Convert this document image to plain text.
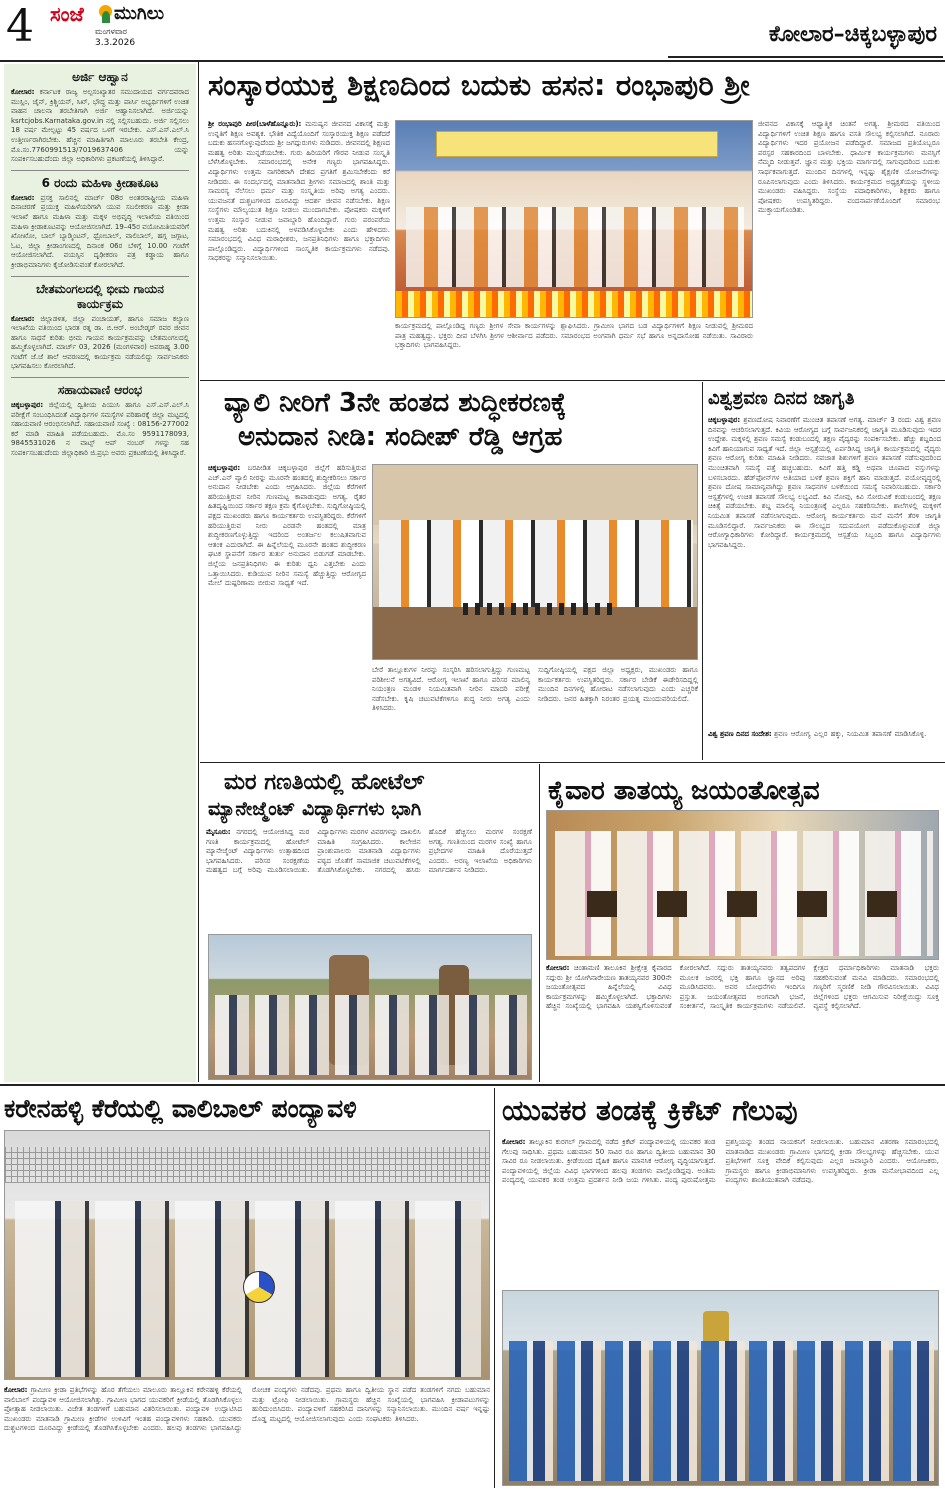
4 ಸಂಜೆ ಮುಗಿಲು
ಮಂಗಳವಾರ
3.3.2026	ಕೋಲಾರ–ಚಿಕ್ಕಬಳ್ಳಾಪುರ
ಅರ್ಜಿ ಆಹ್ವಾನ
ಕೋಲಾರ: ಕರ್ನಾಟಕ ರಾಜ್ಯ ಅಲ್ಪಸಂಖ್ಯಾತರ ಸಮುದಾಯದ ವರ್ಗದವರಾದ ಮುಸ್ಲಿಂ, ಜೈನ್, ಕ್ರಿಶ್ಚಿಯನ್, ಸಿಖ್, ಭೌದ್ಧ ಮತ್ತು ಪಾರ್ಸಿ ಅಭ್ಯರ್ಥಿಗಳಿಗೆ ಉಚಿತ ವಾಹನ ಚಾಲನಾ ತರಬೇತಿಗಾಗಿ ಅರ್ಜಿ ಆಹ್ವಾನಿಸಲಾಗಿದೆ. ಅರ್ಜಿಯನ್ನು ksrtcjobs.Karnataka.gov.in ನಲ್ಲಿ ಸಲ್ಲಿಸಬಹುದು. ಅರ್ಜಿ ಸಲ್ಲಿಸಲು 18 ವರ್ಷ ಮೇಲ್ಪಟ್ಟು 45 ವರ್ಷದ ಒಳಗೆ ಇರಬೇಕು. ಎಸ್.ಎಸ್.ಎಲ್.ಸಿ ಉತ್ತೀರ್ಣರಾಗಿರಬೇಕು. ಹೆಚ್ಚಿನ ಮಾಹಿತಿಗಾಗಿ ಮಾಲೂರು ತರಬೇತಿ ಕೇಂದ್ರ, ಮೊ.ಸಂ.7760991513/7019637406 ಯನ್ನು ಸಂಪರ್ಕಿಸಬಹುದೆಂದು ಜಿಲ್ಲಾ ಅಧಿಕಾರಿಗಳು ಪ್ರಕಟಣೆಯಲ್ಲಿ ತಿಳಿಸಿದ್ದಾರೆ.
6 ರಂದು ಮಹಿಳಾ ಕ್ರೀಡಾಕೂಟ
ಕೋಲಾರ: ಪ್ರಸಕ್ತ ಸಾಲಿನಲ್ಲಿ ಮಾರ್ಚ್ 08ರ ಅಂತರರಾಷ್ಟ್ರೀಯ ಮಹಿಳಾ ದಿನಾಚರಣೆ ಪ್ರಯುಕ್ತ ಮಹಿಳೆಯರಿಗಾಗಿ ಯುವ ಸಬಲೀಕರಣ ಮತ್ತು ಕ್ರೀಡಾ ಇಲಾಖೆ ಹಾಗೂ ಮಹಿಳಾ ಮತ್ತು ಮಕ್ಕಳ ಅಭಿವೃದ್ಧಿ ಇಲಾಖೆಯ ವತಿಯಿಂದ ಮಹಿಳಾ ಕ್ರೀಡಾಕೂಟವನ್ನು ಆಯೋಜಿಸಲಾಗಿದೆ. 19–45ರ ವಯೋಮಿತಿಯವರಿಗೆ ಖೋಖೋ, ಬಾಲ್ ಬ್ಯಾಡ್ಮಿಂಟನ್, ಥ್ರೋಬಾಲ್, ವಾಲಿಬಾಲ್, ಹಗ್ಗ ಜಗ್ಗಾಟ, ಓಟ, ಜಿಲ್ಲಾ ಕ್ರೀಡಾಂಗಣದಲ್ಲಿ ದಿನಾಂಕ 06ರ ಬೆಳಿಗ್ಗೆ 10.00 ಗಂಟೆಗೆ ಆಯೋಜಿಸಲಾಗಿದೆ. ವಯಸ್ಸಿನ ದೃಢೀಕರಣ ಪತ್ರ ಕಡ್ಡಾಯ ಹಾಗೂ ಕ್ರೀಡಾಭಿಮಾನಿಗಳು ಕೈಜೋಡಿಸುವಂತೆ ಕೋರಲಾಗಿದೆ.
ಬೇತಮಂಗಲದಲ್ಲಿ ಭೀಮ ಗಾಯನ ಕಾರ್ಯಕ್ರಮ
ಕೋಲಾರ: ಜಿಲ್ಲಾಡಳಿತ, ಜಿಲ್ಲಾ ಪಂಚಾಯತ್, ಹಾಗೂ ಸಮಾಜ ಕಲ್ಯಾಣ ಇಲಾಖೆಯ ವತಿಯಿಂದ ಭಾರತ ರತ್ನ ಡಾ. ಬಿ.ಆರ್. ಅಂಬೇಡ್ಕರ್ ರವರ ಜೀವನ ಹಾಗೂ ಸಾಧನೆ ಕುರಿತು ಭೀಮ ಗಾಯನ ಕಾರ್ಯಕ್ರಮವನ್ನು ಬೇತಮಂಗಲದಲ್ಲಿ ಹಮ್ಮಿಕೊಳ್ಳಲಾಗಿದೆ. ಮಾರ್ಚ್ 03, 2026 (ಮಂಗಳವಾರ) ಅಪರಾಹ್ನ 3.00 ಗಂಟೆಗೆ ಜೆ.ಜೆ ಶಾಲೆ ಆವರಣದಲ್ಲಿ ಕಾರ್ಯಕ್ರಮ ನಡೆಯಲಿದ್ದು ಸಾರ್ವಜನಿಕರು ಭಾಗವಹಿಸಲು ಕೋರಲಾಗಿದೆ.
ಸಹಾಯವಾಣಿ ಆರಂಭ
ಚಿಕ್ಕಬಳ್ಳಾಪುರ: ಜಿಲ್ಲೆಯಲ್ಲಿ ದ್ವಿತೀಯ ಪಿಯುಸಿ ಹಾಗೂ ಎಸ್.ಎಸ್.ಎಲ್.ಸಿ ಪರೀಕ್ಷೆಗೆ ಸಂಬಂಧಿಸಿದಂತೆ ವಿದ್ಯಾರ್ಥಿಗಳ ಸಮಸ್ಯೆಗಳ ಪರಿಹಾರಕ್ಕೆ ಜಿಲ್ಲಾ ಮಟ್ಟದಲ್ಲಿ ಸಹಾಯವಾಣಿ ಆರಂಭಿಸಲಾಗಿದೆ. ಸಹಾಯವಾಣಿ ಸಂಖ್ಯೆ : 08156-277002 ಕರೆ ಮಾಡಿ ಮಾಹಿತಿ ಪಡೆಯಬಹುದು. ಮೊ.ಸಂ 9591178093, 9845531026 ನ ವಾಟ್ಸ್ ಆಪ್ ನಂಬರ್ ಗಳನ್ನು ಸಹ ಸಂಪರ್ಕಿಸಬಹುದೆಂದು ಜಿಲ್ಲಾಧಿಕಾರಿ ಜಿ.ಪ್ರಭು ಅವರು ಪ್ರಕಟಣೆಯಲ್ಲಿ ತಿಳಿಸಿದ್ದಾರೆ.
ಸಂಸ್ಕಾರಯುಕ್ತ ಶಿಕ್ಷಣದಿಂದ ಬದುಕು ಹಸನ: ರಂಭಾಪುರಿ ಶ್ರೀ
ಶ್ರೀ ರಂಭಾಪುರಿ ಪೀಠ(ಬಾಳೆಹೊನ್ನೂರು): ಮನುಷ್ಯನ ಜೀವನದ ವಿಕಾಸಕ್ಕೆ ಮತ್ತು ಉನ್ನತಿಗೆ ಶಿಕ್ಷಣ ಅವಶ್ಯಕ. ಭೌತಿಕ ವಿದ್ಯೆಯೊಂದಿಗೆ ಸಂಸ್ಕಾರಯುಕ್ತ ಶಿಕ್ಷಣ ಪಡೆದರೆ ಬದುಕು ಹಸನಗೊಳ್ಳುವುದೆಂದು ಶ್ರೀ ಜಗದ್ಗುರುಗಳು ನುಡಿದರು. ಜೀವನದಲ್ಲಿ ಶಿಕ್ಷಣದ ಮಹತ್ವ ಅರಿತು ಮುನ್ನಡೆಯಬೇಕು. ಗುರು ಹಿರಿಯರಿಗೆ ಗೌರವ ನೀಡುವ ಸಂಸ್ಕೃತಿ ಬೆಳೆಸಿಕೊಳ್ಳಬೇಕು. ಸಮಾರಂಭದಲ್ಲಿ ಅನೇಕ ಗಣ್ಯರು ಭಾಗವಹಿಸಿದ್ದರು. ವಿದ್ಯಾರ್ಥಿಗಳು ಉತ್ತಮ ನಾಗರಿಕರಾಗಿ ದೇಶದ ಪ್ರಗತಿಗೆ ಶ್ರಮಿಸಬೇಕೆಂದು ಕರೆ ನೀಡಿದರು. ಈ ಸಂದರ್ಭದಲ್ಲಿ ಮಾತನಾಡಿದ ಶ್ರೀಗಳು ಸಮಾಜದಲ್ಲಿ ಶಾಂತಿ ಮತ್ತು ಸಾಮರಸ್ಯ ನೆಲೆಸಲು ಧರ್ಮ ಮತ್ತು ಸಂಸ್ಕೃತಿಯ ಅರಿವು ಅಗತ್ಯ ಎಂದರು. ಯುವಜನತೆ ದುಶ್ಚಟಗಳಿಂದ ದೂರವಿದ್ದು ಆದರ್ಶ ಜೀವನ ನಡೆಸಬೇಕು. ಶಿಕ್ಷಣ ಸಂಸ್ಥೆಗಳು ಮೌಲ್ಯಯುತ ಶಿಕ್ಷಣ ನೀಡಲು ಮುಂದಾಗಬೇಕು. ಪೋಷಕರು ಮಕ್ಕಳಿಗೆ ಉತ್ತಮ ಸಂಸ್ಕಾರ ನೀಡುವ ಜವಾಬ್ದಾರಿ ಹೊಂದಿದ್ದಾರೆ. ಗುರು ಪರಂಪರೆಯ ಮಹತ್ವ ಅರಿತು ಬದುಕಿನಲ್ಲಿ ಅಳವಡಿಸಿಕೊಳ್ಳಬೇಕು ಎಂದು ಹೇಳಿದರು. ಸಮಾರಂಭದಲ್ಲಿ ವಿವಿಧ ಮಠಾಧೀಶರು, ಜನಪ್ರತಿನಿಧಿಗಳು ಹಾಗೂ ಭಕ್ತಾದಿಗಳು ಪಾಲ್ಗೊಂಡಿದ್ದರು. ವಿದ್ಯಾರ್ಥಿಗಳಿಂದ ಸಾಂಸ್ಕೃತಿಕ ಕಾರ್ಯಕ್ರಮಗಳು ನಡೆದವು. ಸಾಧಕರನ್ನು ಸನ್ಮಾನಿಸಲಾಯಿತು.
ಜೀವನದ ವಿಕಾಸಕ್ಕೆ ಆಧ್ಯಾತ್ಮಿಕ ಚಿಂತನೆ ಅಗತ್ಯ. ಶ್ರೀಮಠದ ವತಿಯಿಂದ ವಿದ್ಯಾರ್ಥಿಗಳಿಗೆ ಉಚಿತ ಶಿಕ್ಷಣ ಹಾಗೂ ವಸತಿ ಸೌಲಭ್ಯ ಕಲ್ಪಿಸಲಾಗಿದೆ. ನೂರಾರು ವಿದ್ಯಾರ್ಥಿಗಳು ಇದರ ಪ್ರಯೋಜನ ಪಡೆದಿದ್ದಾರೆ. ಸಮಾಜದ ಪ್ರತಿಯೊಬ್ಬರೂ ಪರಸ್ಪರ ಸಹಕಾರದಿಂದ ಬಾಳಬೇಕು. ಧಾರ್ಮಿಕ ಕಾರ್ಯಕ್ರಮಗಳು ಮನಸ್ಸಿಗೆ ನೆಮ್ಮದಿ ನೀಡುತ್ತವೆ. ಜ್ಞಾನ ಮತ್ತು ಭಕ್ತಿಯ ಮಾರ್ಗದಲ್ಲಿ ಸಾಗುವುದರಿಂದ ಬದುಕು ಸಾರ್ಥಕವಾಗುತ್ತದೆ. ಮುಂದಿನ ದಿನಗಳಲ್ಲಿ ಇನ್ನಷ್ಟು ಶೈಕ್ಷಣಿಕ ಯೋಜನೆಗಳನ್ನು ರೂಪಿಸಲಾಗುವುದು ಎಂದು ತಿಳಿಸಿದರು. ಕಾರ್ಯಕ್ರಮದ ಅಧ್ಯಕ್ಷತೆಯನ್ನು ಸ್ಥಳೀಯ ಮುಖಂಡರು ವಹಿಸಿದ್ದರು. ಸಂಸ್ಥೆಯ ಪದಾಧಿಕಾರಿಗಳು, ಶಿಕ್ಷಕರು ಹಾಗೂ ಪೋಷಕರು ಉಪಸ್ಥಿತರಿದ್ದರು. ವಂದನಾರ್ಪಣೆಯೊಂದಿಗೆ ಸಮಾರಂಭ ಮುಕ್ತಾಯಗೊಂಡಿತು.
ಕಾರ್ಯಕ್ರಮದಲ್ಲಿ ಪಾಲ್ಗೊಂಡಿದ್ದ ಗಣ್ಯರು ಶ್ರೀಗಳ ಸೇವಾ ಕಾರ್ಯಗಳನ್ನು ಶ್ಲಾಘಿಸಿದರು. ಗ್ರಾಮೀಣ ಭಾಗದ ಬಡ ವಿದ್ಯಾರ್ಥಿಗಳಿಗೆ ಶಿಕ್ಷಣ ನೀಡುವಲ್ಲಿ ಶ್ರೀಮಠದ ಪಾತ್ರ ಮಹತ್ವದ್ದು. ಭಕ್ತರು ದೀಪ ಬೆಳಗಿಸಿ ಶ್ರೀಗಳ ಆಶೀರ್ವಾದ ಪಡೆದರು. ಸಮಾರಂಭದ ಅಂಗವಾಗಿ ಧರ್ಮ ಸಭೆ ಹಾಗೂ ಅನ್ನದಾಸೋಹ ನಡೆಯಿತು. ಸಾವಿರಾರು ಭಕ್ತಾದಿಗಳು ಭಾಗವಹಿಸಿದ್ದರು.
ವ್ಯಾಲಿ ನೀರಿಗೆ 3ನೇ ಹಂತದ ಶುದ್ಧೀಕರಣಕ್ಕೆ
ಅನುದಾನ ನೀಡಿ: ಸಂದೀಪ್ ರೆಡ್ಡಿ ಆಗ್ರಹ
ಚಿಕ್ಕಬಳ್ಳಾಪುರ: ಬರಪೀಡಿತ ಚಿಕ್ಕಬಳ್ಳಾಪುರ ಜಿಲ್ಲೆಗೆ ಹರಿಸುತ್ತಿರುವ ಎಚ್.ಎನ್ ವ್ಯಾಲಿ ನೀರನ್ನು ಮೂರನೇ ಹಂತದಲ್ಲಿ ಶುದ್ಧೀಕರಿಸಲು ಸರ್ಕಾರ ಅನುದಾನ ನೀಡಬೇಕು ಎಂದು ಆಗ್ರಹಿಸಿದರು. ಜಿಲ್ಲೆಯ ಕೆರೆಗಳಿಗೆ ಹರಿಯುತ್ತಿರುವ ನೀರಿನ ಗುಣಮಟ್ಟ ಕಾಪಾಡುವುದು ಅಗತ್ಯ. ರೈತರ ಹಿತದೃಷ್ಟಿಯಿಂದ ಸರ್ಕಾರ ತಕ್ಷಣ ಕ್ರಮ ಕೈಗೊಳ್ಳಬೇಕು. ಸುದ್ದಿಗೋಷ್ಠಿಯಲ್ಲಿ ಪಕ್ಷದ ಮುಖಂಡರು ಹಾಗೂ ಕಾರ್ಯಕರ್ತರು ಉಪಸ್ಥಿತರಿದ್ದರು. ಕೆರೆಗಳಿಗೆ ಹರಿಯುತ್ತಿರುವ ನೀರು ಎರಡನೇ ಹಂತದಲ್ಲಿ ಮಾತ್ರ ಶುದ್ಧೀಕರಣಗೊಳ್ಳುತ್ತಿದ್ದು ಇದರಿಂದ ಅಂತರ್ಜಲ ಕಲುಷಿತವಾಗುವ ಆತಂಕ ಎದುರಾಗಿದೆ. ಈ ಹಿನ್ನೆಲೆಯಲ್ಲಿ ಮೂರನೇ ಹಂತದ ಶುದ್ಧೀಕರಣ ಘಟಕ ಸ್ಥಾಪನೆಗೆ ಸರ್ಕಾರ ತುರ್ತು ಅನುದಾನ ಬಿಡುಗಡೆ ಮಾಡಬೇಕು. ಜಿಲ್ಲೆಯ ಜನಪ್ರತಿನಿಧಿಗಳು ಈ ಕುರಿತು ಧ್ವನಿ ಎತ್ತಬೇಕು ಎಂದು ಒತ್ತಾಯಿಸಿದರು. ಕುಡಿಯುವ ನೀರಿನ ಸಮಸ್ಯೆ ಹೆಚ್ಚುತ್ತಿದ್ದು ಆರೋಗ್ಯದ ಮೇಲೆ ದುಷ್ಪರಿಣಾಮ ಬೀರುವ ಸಾಧ್ಯತೆ ಇದೆ.
ಬೇರೆ ತಾಲ್ಲೂಕುಗಳ ನೀರನ್ನು ಸಂಸ್ಕರಿಸಿ ಹರಿಸಲಾಗುತ್ತಿದ್ದು ಗುಣಮಟ್ಟ ಪರಿಶೀಲನೆ ಅಗತ್ಯವಿದೆ. ಆರೋಗ್ಯ ಇಲಾಖೆ ಹಾಗೂ ಪರಿಸರ ಮಾಲಿನ್ಯ ನಿಯಂತ್ರಣ ಮಂಡಳಿ ನಿಯಮಿತವಾಗಿ ನೀರಿನ ಮಾದರಿ ಪರೀಕ್ಷೆ ನಡೆಸಬೇಕು. ಕೃಷಿ ಚಟುವಟಿಕೆಗಳಿಗೂ ಶುದ್ಧ ನೀರು ಅಗತ್ಯ ಎಂದು ತಿಳಿಸಿದರು.
ಸುದ್ದಿಗೋಷ್ಠಿಯಲ್ಲಿ ಪಕ್ಷದ ಜಿಲ್ಲಾ ಅಧ್ಯಕ್ಷರು, ಮುಖಂಡರು ಹಾಗೂ ಕಾರ್ಯಕರ್ತರು ಉಪಸ್ಥಿತರಿದ್ದರು. ಸರ್ಕಾರ ಬೇಡಿಕೆ ಈಡೇರಿಸದಿದ್ದಲ್ಲಿ ಮುಂದಿನ ದಿನಗಳಲ್ಲಿ ಹೋರಾಟ ನಡೆಸಲಾಗುವುದು ಎಂದು ಎಚ್ಚರಿಕೆ ನೀಡಿದರು. ಜನರ ಹಿತಕ್ಕಾಗಿ ನಿರಂತರ ಪ್ರಯತ್ನ ಮುಂದುವರಿಯಲಿದೆ.
ವಿಶ್ವಶ್ರವಣ ದಿನದ ಜಾಗೃತಿ
ಚಿಕ್ಕಬಳ್ಳಾಪುರ: ಶ್ರವಣದೋಷ ನಿವಾರಣೆಗೆ ಮುಂಚಿತ ತಪಾಸಣೆ ಅಗತ್ಯ. ಮಾರ್ಚ್ 3 ರಂದು ವಿಶ್ವ ಶ್ರವಣ ದಿನವನ್ನು ಆಚರಿಸಲಾಗುತ್ತದೆ. ಕಿವಿಯ ಆರೋಗ್ಯದ ಬಗ್ಗೆ ಸಾರ್ವಜನಿಕರಲ್ಲಿ ಜಾಗೃತಿ ಮೂಡಿಸುವುದು ಇದರ ಉದ್ದೇಶ. ಮಕ್ಕಳಲ್ಲಿ ಶ್ರವಣ ಸಮಸ್ಯೆ ಕಂಡುಬಂದಲ್ಲಿ ತಕ್ಷಣ ವೈದ್ಯರನ್ನು ಸಂಪರ್ಕಿಸಬೇಕು. ಹೆಚ್ಚು ಶಬ್ದದಿಂದ ಕಿವಿಗೆ ಹಾನಿಯಾಗುವ ಸಾಧ್ಯತೆ ಇದೆ. ಜಿಲ್ಲಾ ಆಸ್ಪತ್ರೆಯಲ್ಲಿ ಏರ್ಪಡಿಸಿದ್ದ ಜಾಗೃತಿ ಕಾರ್ಯಕ್ರಮದಲ್ಲಿ ವೈದ್ಯರು ಶ್ರವಣ ಆರೋಗ್ಯ ಕುರಿತು ಮಾಹಿತಿ ನೀಡಿದರು. ನವಜಾತ ಶಿಶುಗಳಿಗೆ ಶ್ರವಣ ತಪಾಸಣೆ ನಡೆಸುವುದರಿಂದ ಮುಂಚಿತವಾಗಿ ಸಮಸ್ಯೆ ಪತ್ತೆ ಹಚ್ಚಬಹುದು. ಕಿವಿಗೆ ಹತ್ತಿ ಕಡ್ಡಿ ಅಥವಾ ಚೂಪಾದ ವಸ್ತುಗಳನ್ನು ಬಳಸಬಾರದು. ಹೆಡ್‌ಫೋನ್‌ಗಳ ಅತಿಯಾದ ಬಳಕೆ ಶ್ರವಣ ಶಕ್ತಿಗೆ ಹಾನಿ ಮಾಡುತ್ತದೆ. ವಯೋವೃದ್ಧರಲ್ಲಿ ಶ್ರವಣ ದೋಷ ಸಾಮಾನ್ಯವಾಗಿದ್ದು ಶ್ರವಣ ಸಾಧನಗಳ ಬಳಕೆಯಿಂದ ಸಮಸ್ಯೆ ನಿವಾರಿಸಬಹುದು. ಸರ್ಕಾರಿ ಆಸ್ಪತ್ರೆಗಳಲ್ಲಿ ಉಚಿತ ತಪಾಸಣೆ ಸೌಲಭ್ಯ ಲಭ್ಯವಿದೆ. ಕಿವಿ ನೋವು, ಕಿವಿ ಸೋರುವಿಕೆ ಕಂಡುಬಂದಲ್ಲಿ ತಕ್ಷಣ ಚಿಕಿತ್ಸೆ ಪಡೆಯಬೇಕು. ಶಬ್ದ ಮಾಲಿನ್ಯ ನಿಯಂತ್ರಣಕ್ಕೆ ಎಲ್ಲರೂ ಸಹಕರಿಸಬೇಕು. ಶಾಲೆಗಳಲ್ಲಿ ಮಕ್ಕಳಿಗೆ ನಿಯಮಿತ ತಪಾಸಣೆ ನಡೆಸಲಾಗುವುದು. ಆರೋಗ್ಯ ಕಾರ್ಯಕರ್ತರು ಮನೆ ಮನೆಗೆ ತೆರಳಿ ಜಾಗೃತಿ ಮೂಡಿಸಲಿದ್ದಾರೆ. ಸಾರ್ವಜನಿಕರು ಈ ಸೌಲಭ್ಯದ ಸದುಪಯೋಗ ಪಡೆದುಕೊಳ್ಳುವಂತೆ ಜಿಲ್ಲಾ ಆರೋಗ್ಯಾಧಿಕಾರಿಗಳು ಕೋರಿದ್ದಾರೆ. ಕಾರ್ಯಕ್ರಮದಲ್ಲಿ ಆಸ್ಪತ್ರೆಯ ಸಿಬ್ಬಂದಿ ಹಾಗೂ ವಿದ್ಯಾರ್ಥಿಗಳು ಭಾಗವಹಿಸಿದ್ದರು.
ವಿಶ್ವ ಶ್ರವಣ ದಿನದ ಸಂದೇಶ: ಶ್ರವಣ ಆರೋಗ್ಯ ಎಲ್ಲರ ಹಕ್ಕು, ನಿಯಮಿತ ತಪಾಸಣೆ ಮಾಡಿಸಿಕೊಳ್ಳಿ.
ಮರ ಗಣತಿಯಲ್ಲಿ ಹೋಟೆಲ್
ಮ್ಯಾನೇಜ್ಮೆಂಟ್ ವಿದ್ಯಾರ್ಥಿಗಳು ಭಾಗಿ
ಮೈಸೂರು: ನಗರದಲ್ಲಿ ಆಯೋಜಿಸಿದ್ದ ಮರ ಗಣತಿ ಕಾರ್ಯಕ್ರಮದಲ್ಲಿ ಹೋಟೆಲ್ ಮ್ಯಾನೇಜ್ಮೆಂಟ್ ವಿದ್ಯಾರ್ಥಿಗಳು ಉತ್ಸಾಹದಿಂದ ಭಾಗವಹಿಸಿದರು. ಪರಿಸರ ಸಂರಕ್ಷಣೆಯ ಮಹತ್ವದ ಬಗ್ಗೆ ಅರಿವು ಮೂಡಿಸಲಾಯಿತು. ವಿದ್ಯಾರ್ಥಿಗಳು ಮರಗಳ ವಿವರಗಳನ್ನು ದಾಖಲಿಸಿ ಮಾಹಿತಿ ಸಂಗ್ರಹಿಸಿದರು. ಕಾಲೇಜಿನ ಪ್ರಾಂಶುಪಾಲರು ಮಾತನಾಡಿ ವಿದ್ಯಾರ್ಥಿಗಳು ಪಠ್ಯದ ಜೊತೆಗೆ ಸಾಮಾಜಿಕ ಚಟುವಟಿಕೆಗಳಲ್ಲಿ ತೊಡಗಿಸಿಕೊಳ್ಳಬೇಕು. ನಗರದಲ್ಲಿ ಹಸಿರು ಹೊದಿಕೆ ಹೆಚ್ಚಿಸಲು ಮರಗಳ ಸಂರಕ್ಷಣೆ ಅಗತ್ಯ. ಗಣತಿಯಿಂದ ಮರಗಳ ಸಂಖ್ಯೆ ಹಾಗೂ ಪ್ರಭೇದಗಳ ಮಾಹಿತಿ ದೊರೆಯುತ್ತದೆ ಎಂದರು. ಅರಣ್ಯ ಇಲಾಖೆಯ ಅಧಿಕಾರಿಗಳು ಮಾರ್ಗದರ್ಶನ ನೀಡಿದರು.
ಕೈವಾರ ತಾತಯ್ಯ ಜಯಂತೋತ್ಸವ
ಕೋಲಾರ: ಚಿಂತಾಮಣಿ ತಾಲೂಕಿನ ಶ್ರೀಕ್ಷೇತ್ರ ಕೈವಾರದ ಸದ್ಗುರು ಶ್ರೀ ಯೋಗಿನಾರೇಯಣ ತಾತಯ್ಯನವರ 300ನೇ ಜಯಂತೋತ್ಸವದ ಹಿನ್ನೆಲೆಯಲ್ಲಿ ವಿವಿಧ ಕಾರ್ಯಕ್ರಮಗಳನ್ನು ಹಮ್ಮಿಕೊಳ್ಳಲಾಗಿದೆ. ಭಕ್ತಾದಿಗಳು ಹೆಚ್ಚಿನ ಸಂಖ್ಯೆಯಲ್ಲಿ ಭಾಗವಹಿಸಿ ಯಶಸ್ವಿಗೊಳಿಸುವಂತೆ ಕೋರಲಾಗಿದೆ. ಸದ್ಗುರು ತಾತಯ್ಯನವರು ತತ್ವಪದಗಳ ಮೂಲಕ ಜನರಲ್ಲಿ ಭಕ್ತಿ ಹಾಗೂ ಜ್ಞಾನದ ಅರಿವು ಮೂಡಿಸಿದವರು. ಅವರ ಬೋಧನೆಗಳು ಇಂದಿಗೂ ಪ್ರಸ್ತುತ. ಜಯಂತೋತ್ಸವದ ಅಂಗವಾಗಿ ಭಜನೆ, ಸಂಕೀರ್ತನೆ, ಸಾಂಸ್ಕೃತಿಕ ಕಾರ್ಯಕ್ರಮಗಳು ನಡೆಯಲಿವೆ. ಕ್ಷೇತ್ರದ ಧರ್ಮಾಧಿಕಾರಿಗಳು ಮಾತನಾಡಿ ಭಕ್ತರು ಸಹಕರಿಸುವಂತೆ ಮನವಿ ಮಾಡಿದರು. ಸಮಾರಂಭದಲ್ಲಿ ಗಣ್ಯರಿಗೆ ಸ್ಮರಣಿಕೆ ನೀಡಿ ಗೌರವಿಸಲಾಯಿತು. ವಿವಿಧ ಜಿಲ್ಲೆಗಳಿಂದ ಭಕ್ತರು ಆಗಮಿಸುವ ನಿರೀಕ್ಷೆಯಿದ್ದು ಸೂಕ್ತ ವ್ಯವಸ್ಥೆ ಕಲ್ಪಿಸಲಾಗಿದೆ.
ಕರೇನಹಳ್ಳಿ ಕೆರೆಯಲ್ಲಿ ವಾಲಿಬಾಲ್ ಪಂದ್ಯಾವಳಿ
ಕೋಲಾರ: ಗ್ರಾಮೀಣ ಕ್ರೀಡಾ ಪ್ರತಿಭೆಗಳನ್ನು ಹೊರ ತೆಗೆಯಲು ಮಾಲೂರು ತಾಲ್ಲೂಕಿನ ಕರೇನಹಳ್ಳಿ ಕೆರೆಯಲ್ಲಿ ವಾಲಿಬಾಲ್ ಪಂದ್ಯಾವಳಿ ಆಯೋಜಿಸಲಾಗಿತ್ತು. ಗ್ರಾಮೀಣ ಭಾಗದ ಯುವಕರಿಗೆ ಕ್ರೀಡೆಯಲ್ಲಿ ತೊಡಗಿಸಿಕೊಳ್ಳಲು ಪ್ರೋತ್ಸಾಹ ನೀಡಲಾಯಿತು. ವಿಜೇತ ತಂಡಗಳಿಗೆ ಬಹುಮಾನ ವಿತರಿಸಲಾಯಿತು. ಪಂದ್ಯಾವಳಿ ಉದ್ಘಾಟಿಸಿದ ಮುಖಂಡರು ಮಾತನಾಡಿ ಗ್ರಾಮೀಣ ಕ್ರೀಡೆಗಳ ಉಳಿವಿಗೆ ಇಂತಹ ಪಂದ್ಯಾವಳಿಗಳು ಸಹಕಾರಿ. ಯುವಕರು ದುಶ್ಚಟಗಳಿಂದ ದೂರವಿದ್ದು ಕ್ರೀಡೆಯಲ್ಲಿ ತೊಡಗಿಸಿಕೊಳ್ಳಬೇಕು ಎಂದರು. ಹಲವು ತಂಡಗಳು ಭಾಗವಹಿಸಿದ್ದು ರೋಚಕ ಪಂದ್ಯಗಳು ನಡೆದವು. ಪ್ರಥಮ ಹಾಗೂ ದ್ವಿತೀಯ ಸ್ಥಾನ ಪಡೆದ ತಂಡಗಳಿಗೆ ನಗದು ಬಹುಮಾನ ಮತ್ತು ಟ್ರೋಫಿ ನೀಡಲಾಯಿತು. ಗ್ರಾಮಸ್ಥರು ಹೆಚ್ಚಿನ ಸಂಖ್ಯೆಯಲ್ಲಿ ಭಾಗವಹಿಸಿ ಕ್ರೀಡಾಪಟುಗಳನ್ನು ಹುರಿದುಂಬಿಸಿದರು. ಪಂದ್ಯಾವಳಿಗೆ ಸಹಕರಿಸಿದ ದಾನಿಗಳನ್ನು ಸನ್ಮಾನಿಸಲಾಯಿತು. ಮುಂದಿನ ವರ್ಷ ಇನ್ನಷ್ಟು ದೊಡ್ಡ ಮಟ್ಟದಲ್ಲಿ ಆಯೋಜಿಸಲಾಗುವುದು ಎಂದು ಸಂಘಟಕರು ತಿಳಿಸಿದರು.
ಯುವಕರ ತಂಡಕ್ಕೆ ಕ್ರಿಕೆಟ್ ಗೆಲುವು
ಕೋಲಾರ: ತಾಲ್ಲೂಕಿನ ಕುರಗಲ್ ಗ್ರಾಮದಲ್ಲಿ ನಡೆದ ಕ್ರಿಕೆಟ್ ಪಂದ್ಯಾವಳಿಯಲ್ಲಿ ಯುವಕರ ತಂಡ ಗೆಲುವು ಸಾಧಿಸಿತು. ಪ್ರಥಮ ಬಹುಮಾನ 50 ಸಾವಿರ ರೂ ಹಾಗೂ ದ್ವಿತೀಯ ಬಹುಮಾನ 30 ಸಾವಿರ ರೂ ನೀಡಲಾಯಿತು. ಕ್ರೀಡೆಯಿಂದ ದೈಹಿಕ ಹಾಗೂ ಮಾನಸಿಕ ಆರೋಗ್ಯ ವೃದ್ಧಿಯಾಗುತ್ತದೆ. ಪಂದ್ಯಾವಳಿಯಲ್ಲಿ ಜಿಲ್ಲೆಯ ವಿವಿಧ ಭಾಗಗಳಿಂದ ಹಲವು ತಂಡಗಳು ಪಾಲ್ಗೊಂಡಿದ್ದವು. ಅಂತಿಮ ಪಂದ್ಯದಲ್ಲಿ ಯುವಕರ ತಂಡ ಉತ್ತಮ ಪ್ರದರ್ಶನ ನೀಡಿ ಜಯ ಗಳಿಸಿತು. ಪಂದ್ಯ ಪುರುಷೋತ್ತಮ ಪ್ರಶಸ್ತಿಯನ್ನು ತಂಡದ ನಾಯಕನಿಗೆ ನೀಡಲಾಯಿತು. ಬಹುಮಾನ ವಿತರಣಾ ಸಮಾರಂಭದಲ್ಲಿ ಮಾತನಾಡಿದ ಮುಖಂಡರು ಗ್ರಾಮೀಣ ಭಾಗದಲ್ಲಿ ಕ್ರೀಡಾ ಸೌಲಭ್ಯಗಳನ್ನು ಹೆಚ್ಚಿಸಬೇಕು. ಯುವ ಪ್ರತಿಭೆಗಳಿಗೆ ಸೂಕ್ತ ವೇದಿಕೆ ಕಲ್ಪಿಸುವುದು ಎಲ್ಲರ ಜವಾಬ್ದಾರಿ ಎಂದರು. ಆಯೋಜಕರು, ಗ್ರಾಮಸ್ಥರು ಹಾಗೂ ಕ್ರೀಡಾಭಿಮಾನಿಗಳು ಉಪಸ್ಥಿತರಿದ್ದರು. ಕ್ರೀಡಾ ಮನೋಭಾವದಿಂದ ಎಲ್ಲ ಪಂದ್ಯಗಳು ಶಾಂತಿಯುತವಾಗಿ ನಡೆದವು.
